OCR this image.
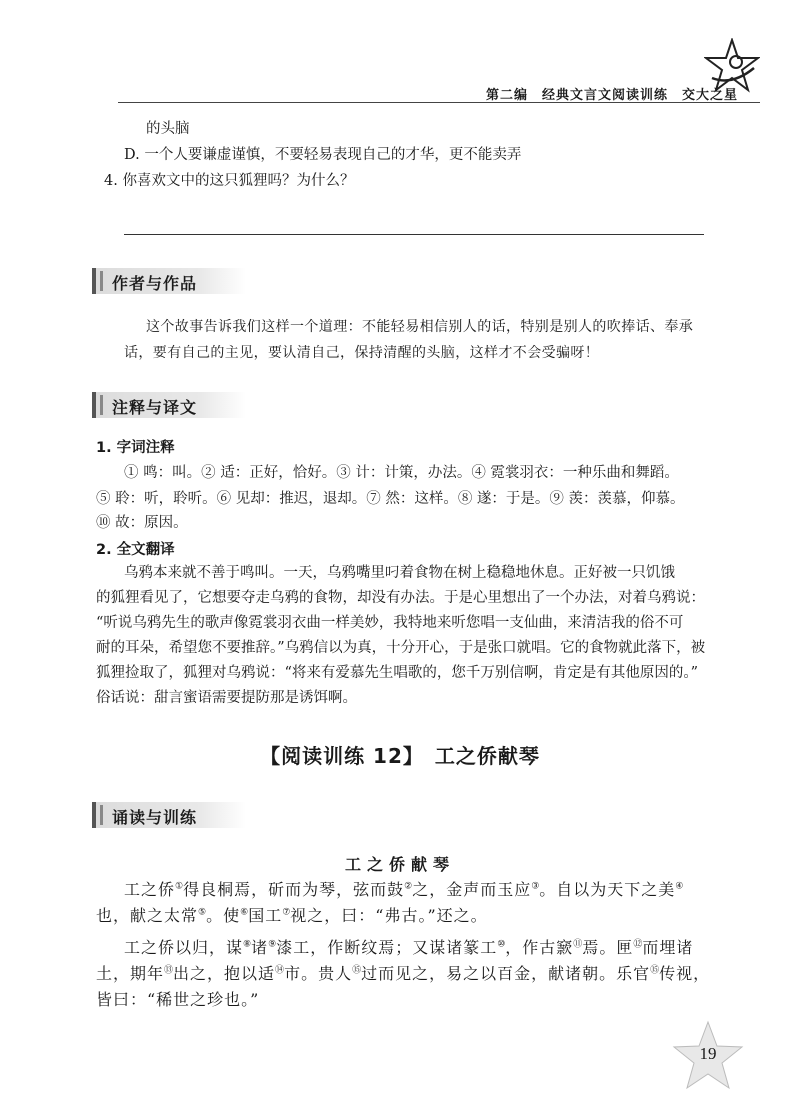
第二编　经典文言文阅读训练　交大之星
的头脑
D. 一个人要谦虚谨慎，不要轻易表现自己的才华，更不能卖弄
4. 你喜欢文中的这只狐狸吗？为什么？
作者与作品
这个故事告诉我们这样一个道理：不能轻易相信别人的话，特别是别人的吹捧话、奉承
话，要有自己的主见，要认清自己，保持清醒的头脑，这样才不会受骗呀！
注释与译文
1. 字词注释
① 鸣：叫。② 适：正好，恰好。③ 计：计策，办法。④ 霓裳羽衣：一种乐曲和舞蹈。
⑤ 聆：听，聆听。⑥ 见却：推迟，退却。⑦ 然：这样。⑧ 遂：于是。⑨ 羡：羡慕，仰慕。
⑩ 故：原因。
2. 全文翻译
乌鸦本来就不善于鸣叫。一天，乌鸦嘴里叼着食物在树上稳稳地休息。正好被一只饥饿
的狐狸看见了，它想要夺走乌鸦的食物，却没有办法。于是心里想出了一个办法，对着乌鸦说：
“听说乌鸦先生的歌声像霓裳羽衣曲一样美妙，我特地来听您唱一支仙曲，来清洁我的俗不可
耐的耳朵，希望您不要推辞。”乌鸦信以为真，十分开心，于是张口就唱。它的食物就此落下，被
狐狸捡取了，狐狸对乌鸦说：“将来有爱慕先生唱歌的，您千万别信啊，肯定是有其他原因的。”
俗话说：甜言蜜语需要提防那是诱饵啊。
【阅读训练 12】　工之侨献琴
诵读与训练
工之侨献琴
工之侨①得良桐焉，斫而为琴，弦而鼓②之，金声而玉应③。自以为天下之美④
也，献之太常⑤。使⑥国工⑦视之，曰：“弗古。”还之。
工之侨以归，谋⑧诸⑨漆工，作断纹焉；又谋诸篆工⑩，作古窾⑪焉。匣⑫而埋诸
土，期年⑬出之，抱以适⑭市。贵人⑮过而见之，易之以百金，献诸朝。乐官⑮传视，
皆曰：“稀世之珍也。”
19
